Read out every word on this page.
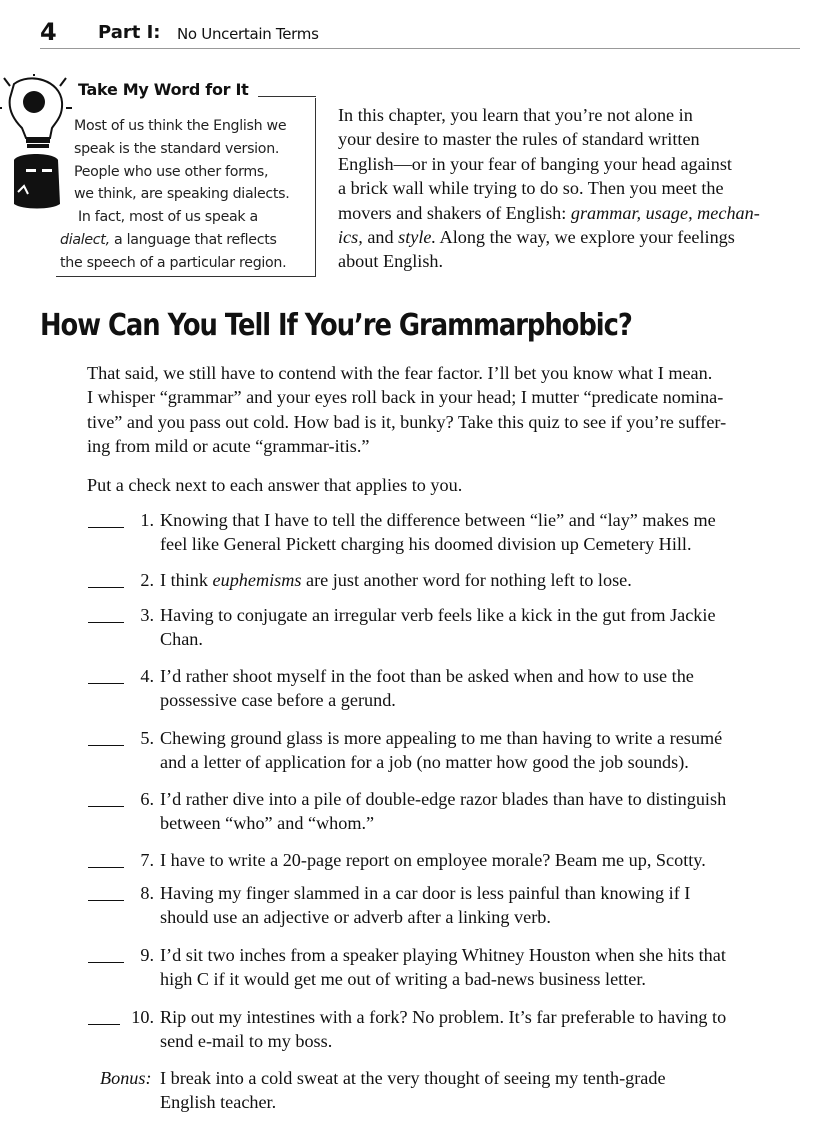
4 Part I: No Uncertain Terms
Take My Word for It
Most of us think the English we
speak is the standard version.
People who use other forms,
we think, are speaking dialects.
In fact, most of us speak a
dialect, a language that reflects
the speech of a particular region.
In this chapter, you learn that you’re not alone in
your desire to master the rules of standard written
English—or in your fear of banging your head against
a brick wall while trying to do so. Then you meet the
movers and shakers of English: grammar, usage, mechan-
ics, and style. Along the way, we explore your feelings
about English.
How Can You Tell If You’re Grammarphobic?
That said, we still have to contend with the fear factor. I’ll bet you know what I mean.
I whisper “grammar” and your eyes roll back in your head; I mutter “predicate nomina-
tive” and you pass out cold. How bad is it, bunky? Take this quiz to see if you’re suffer-
ing from mild or acute “grammar-itis.”
Put a check next to each answer that applies to you.
1. Knowing that I have to tell the difference between “lie” and “lay” makes me
feel like General Pickett charging his doomed division up Cemetery Hill.
2. I think euphemisms are just another word for nothing left to lose.
3. Having to conjugate an irregular verb feels like a kick in the gut from Jackie
Chan.
4. I’d rather shoot myself in the foot than be asked when and how to use the
possessive case before a gerund.
5. Chewing ground glass is more appealing to me than having to write a resumé
and a letter of application for a job (no matter how good the job sounds).
6. I’d rather dive into a pile of double-edge razor blades than have to distinguish
between “who” and “whom.”
7. I have to write a 20-page report on employee morale? Beam me up, Scotty.
8. Having my finger slammed in a car door is less painful than knowing if I
should use an adjective or adverb after a linking verb.
9. I’d sit two inches from a speaker playing Whitney Houston when she hits that
high C if it would get me out of writing a bad-news business letter.
10. Rip out my intestines with a fork? No problem. It’s far preferable to having to
send e-mail to my boss.
Bonus: I break into a cold sweat at the very thought of seeing my tenth-grade
English teacher.
